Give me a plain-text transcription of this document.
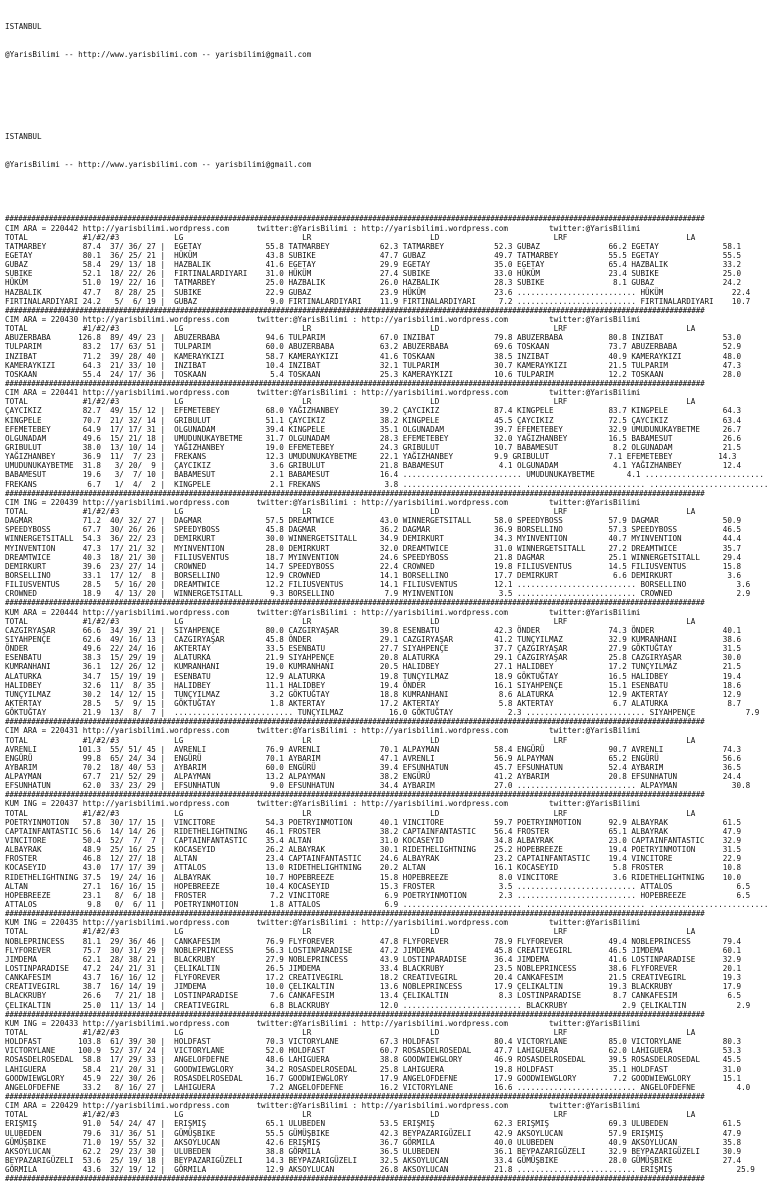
ISTANBUL

@YarisBilimi -- http://www.yarisbilimi.com -- yarisbilimi@gmail.com

ISTANBUL

@YarisBilimi -- http://www.yarisbilimi.com -- yarisbilimi@gmail.com

################################################################################################################################################################
CIM ARA = 220442 http://yarisbilimi.wordpress.com      twitter:@YarisBilimi : http://yarisbilimi.wordpress.com         twitter:@YarisBilimi
TOTAL            #1/#2/#3            LG                          LR                          LD                         LRF                          LA
TATMARBEY        87.4  37/ 36/ 27 |  EGETAY              55.8 TATMARBEY           62.3 TATMARBEY           52.3 GUBAZ               66.2 EGETAY              58.1
EGETAY           80.1  36/ 25/ 21 |  HÜKÜM               43.8 SUBIKE              47.7 GUBAZ               49.7 TATMARBEY           55.5 EGETAY              55.5
GUBAZ            58.4  29/ 13/ 18 |  HAZBALIK            41.6 EGETAY              29.9 EGETAY              35.0 EGETAY              65.4 HAZBALIK            33.2
SUBIKE           52.1  18/ 22/ 26 |  FIRTINALARDIYARI    31.0 HÜKÜM               27.4 SUBIKE              33.0 HÜKÜM               23.4 SUBIKE              25.0
HÜKÜM            51.0  19/ 22/ 16 |  TATMARBEY           25.0 HAZBALIK            26.0 HAZBALIK            28.3 SUBIKE               8.1 GUBAZ               24.2
HAZBALIK         47.7   8/ 28/ 25 |  SUBIKE              22.9 GUBAZ               23.9 HÜKÜM               23.6 .......................... HÜKÜM               22.4
FIRTINALARDIYARI 24.2   5/  6/ 19 |  GUBAZ                9.0 FIRTINALARDIYARI    11.9 FIRTINALARDIYARI     7.2 .......................... FIRTINALARDIYARI    10.7
################################################################################################################################################################
CIM ARA = 220430 http://yarisbilimi.wordpress.com      twitter:@YarisBilimi : http://yarisbilimi.wordpress.com         twitter:@YarisBilimi
TOTAL            #1/#2/#3            LG                          LR                          LD                         LRF                          LA
ABUZERBABA      126.8  89/ 49/ 23 |  ABUZERBABA          94.6 TULPARIM            67.0 INZIBAT             79.8 ABUZERBABA          80.8 INZIBAT             53.0
TULPARIM         83.2  17/ 63/ 51 |  TULPARIM            60.0 ABUZERBABA          63.2 ABUZERBABA          69.6 TOSKAAN             73.7 ABUZERBABA          52.9
INZIBAT          71.2  39/ 28/ 40 |  KAMERAYKIZI         58.7 KAMERAYKIZI         41.6 TOSKAAN             38.5 INZIBAT             40.9 KAMERAYKIZI         48.0
KAMERAYKIZI      64.3  21/ 33/ 10 |  INZIBAT             10.4 INZIBAT             32.1 TULPARIM            30.7 KAMERAYKIZI         21.5 TULPARIM            47.3
TOSKAAN          55.4  24/ 17/ 36 |  TOSKAAN              5.4 TOSKAAN             25.3 KAMERAYKIZI         10.6 TULPARIM            12.2 TOSKAAN             28.0
################################################################################################################################################################
CIM ARA = 220441 http://yarisbilimi.wordpress.com      twitter:@YarisBilimi : http://yarisbilimi.wordpress.com         twitter:@YarisBilimi
TOTAL            #1/#2/#3            LG                          LR                          LD                         LRF                          LA
ÇAYCIKIZ         82.7  49/ 15/ 12 |  EFEMETEBEY          68.0 YAĞIZHANBEY         39.2 ÇAYCIKIZ            87.4 KINGPELE            83.7 KINGPELE            64.3
KINGPELE         70.7  21/ 32/ 14 |  GRIBULUT            51.1 ÇAYCIKIZ            38.2 KINGPELE            45.5 ÇAYCIKIZ            72.5 ÇAYCIKIZ            63.4
EFEMETEBEY       64.9  17/ 17/ 31 |  OLGUNADAM           39.4 KINGPELE            35.1 OLGUNADAM           39.7 EFEMETEBEY          32.9 UMUDUNUKAYBETME     26.7
OLGUNADAM        49.6  15/ 21/ 18 |  UMUDUNUKAYBETME     31.7 OLGUNADAM           28.3 EFEMETEBEY          32.0 YAĞIZHANBEY         16.5 BABAMESUT           26.6
GRIBULUT         38.0  13/ 10/ 14 |  YAĞIZHANBEY         19.0 EFEMETEBEY          24.3 GRIBULUT            10.7 BABAMESUT            8.2 OLGUNADAM           21.5
YAĞIZHANBEY      36.9  11/  7/ 23 |  FREKANS             12.3 UMUDUNUKAYBETME     22.1 YAĞIZHANBEY         9.9 GRIBULUT             7.1 EFEMETEBEY          14.3
UMUDUNUKAYBETME  31.8   3/ 20/  9 |  ÇAYCIKIZ             3.6 GRIBULUT            21.8 BABAMESUT            4.1 OLGUNADAM            4.1 YAĞIZHANBEY         12.4
BABAMESUT        19.6   3/  7/ 10 |  BABAMESUT            2.1 BABAMESUT           16.4 .......................... UMUDUNUKAYBETME       4.1 ..........................
FREKANS           6.7   1/  4/  2 |  KINGPELE             2.1 FREKANS              3.8 .......................... .......................... ..........................
################################################################################################################################################################
CIM ING = 220439 http://yarisbilimi.wordpress.com      twitter:@YarisBilimi : http://yarisbilimi.wordpress.com         twitter:@YarisBilimi
TOTAL            #1/#2/#3            LG                          LR                          LD                         LRF                          LA
DAGMAR           71.2  40/ 32/ 27 |  DAGMAR              57.5 DREAMTWICE          43.0 WINNERGETSITALL     58.0 SPEEDYBOSS          57.9 DAGMAR              50.9
SPEEDYBOSS       67.7  30/ 26/ 26 |  SPEEDYBOSS          45.8 DAGMAR              36.2 DAGMAR              36.9 BORSELLINO          57.3 SPEEDYBOSS          46.5
WINNERGETSITALL  54.3  36/ 22/ 23 |  DEMIRKURT           30.0 WINNERGETSITALL     34.9 DEMIRKURT           34.3 MYINVENTION         40.7 MYINVENTION         44.4
MYINVENTION      47.3  17/ 21/ 32 |  MYINVENTION         28.0 DEMIRKURT           32.0 DREAMTWICE          31.0 WINNERGETSITALL     27.2 DREAMTWICE          35.7
DREAMTWICE       40.3  18/ 21/ 30 |  FILIUSVENTUS        18.7 MYINVENTION         24.6 SPEEDYBOSS          21.8 DAGMAR              25.1 WINNERGETSITALL     29.4
DEMIRKURT        39.6  23/ 27/ 14 |  CROWNED             14.7 SPEEDYBOSS          22.4 CROWNED             19.8 FILIUSVENTUS        14.5 FILIUSVENTUS        15.8
BORSELLINO       33.1  17/ 12/  8 |  BORSELLINO          12.9 CROWNED             14.1 BORSELLINO          17.7 DEMIRKURT            6.6 DEMIRKURT            3.6
FILIUSVENTUS     28.5   5/ 16/ 20 |  DREAMTWICE          12.2 FILIUSVENTUS        14.1 FILIUSVENTUS        12.1 .......................... BORSELLINO           3.6
CROWNED          18.9   4/ 13/ 20 |  WINNERGETSITALL      9.3 BORSELLINO           7.9 MYINVENTION          3.5 .......................... CROWNED              2.9
################################################################################################################################################################
KUM ARA = 220444 http://yarisbilimi.wordpress.com      twitter:@YarisBilimi : http://yarisbilimi.wordpress.com         twitter:@YarisBilimi
TOTAL            #1/#2/#3            LG                          LR                          LD                         LRF                          LA
CAZGIRYAŞAR      66.6  34/ 39/ 21 |  SIYAHPENÇE          80.0 CAZGIRYAŞAR         39.8 ESENBATU            42.3 ÖNDER               74.3 ÖNDER               40.1
SIYAHPENÇE       62.6  49/ 16/ 13 |  CAZGIRYAŞAR         45.8 ÖNDER               29.1 CAZGIRYAŞAR         41.2 TUNÇYILMAZ          32.9 KUMRANHANI          38.6
ÖNDER            49.6  22/ 24/ 16 |  AKTERTAY            33.5 ESENBATU            27.7 SIYAHPENÇE          37.7 ÇAZGIRYAŞAR         27.9 GÖKTUĞTAY           31.5
ESENBATU         38.3  15/ 29/ 19 |  ALATURKA            21.9 SIYAHPENÇE          20.8 ALATURKA            29.1 CAZGIRYAŞAR         25.8 CAZGIRYAŞAR         30.0
KUMRANHANI       36.1  12/ 26/ 12 |  KUMRANHANI          19.0 KUMRANHANI          20.5 HALIDBEY            27.1 HALIDBEY            17.2 TUNÇYILMAZ          21.5
ALATURKA         34.7  15/ 19/ 19 |  ESENBATU            12.9 ALATURKA            19.8 TUNÇYILMAZ          18.9 GÖKTUĞTAY           16.5 HALIDBEY            19.4
HALIDBEY         32.6  11/  8/ 35 |  HALIDBEY            11.1 HALIDBEY            19.4 ÖNDER               16.1 SIYAHPENÇE          15.1 ESENBATU            18.6
TUNÇYILMAZ       30.2  14/ 12/ 15 |  TUNÇYILMAZ           3.2 GÖKTUĞTAY           18.8 KUMRANHANI           8.6 ALATURKA            12.9 AKTERTAY            12.9
AKTERTAY         28.5   5/  9/ 15 |  GÖKTUĞTAY            1.8 AKTERTAY            17.2 AKTERTAY             5.8 AKTERTAY             6.7 ALATURKA             8.7
GÖKTUĞTAY        21.9  13/  8/  7 |  .......................... TUNÇYILMAZ          16.0 GÖKTUĞTAY            2.3 .......................... SIYAHPENÇE           7.9
################################################################################################################################################################
CIM ARA = 220431 http://yarisbilimi.wordpress.com      twitter:@YarisBilimi : http://yarisbilimi.wordpress.com         twitter:@YarisBilimi
TOTAL            #1/#2/#3            LG                          LR                          LD                         LRF                          LA
AVRENLI         101.3  55/ 51/ 45 |  AVRENLI             76.9 AVRENLI             70.1 ALPAYMAN            58.4 ENGÜRÜ              90.7 AVRENLI             74.3
ENGÜRÜ           99.8  65/ 24/ 34 |  ENGÜRÜ              70.1 AYBARIM             47.1 AVRENLI             56.9 ALPAYMAN            65.2 ENGÜRÜ              56.6
AYBARIM          70.2  18/ 40/ 53 |  AYBARIM             60.0 ENGÜRÜ              39.4 EFSUNHATUN          45.7 EFSUNHATUN          52.4 AYBARIM             36.5
ALPAYMAN         67.7  21/ 52/ 29 |  ALPAYMAN            13.2 ALPAYMAN            38.2 ENGÜRÜ              41.2 AYBARIM             20.8 EFSUNHATUN          24.4
EFSUNHATUN       62.0  33/ 23/ 29 |  EFSUNHATUN           9.0 EFSUNHATUN          34.4 AYBARIM             27.0 .......................... ALPAYMAN            30.8
################################################################################################################################################################
KUM ING = 220437 http://yarisbilimi.wordpress.com      twitter:@YarisBilimi : http://yarisbilimi.wordpress.com         twitter:@YarisBilimi
TOTAL            #1/#2/#3            LG                          LR                          LD                         LRF                          LA
POETRYINMOTION   57.8  30/ 17/ 15 |  VINCITORE           54.3 POETRYINMOTION      40.1 VINCITORE           59.7 POETRYINMOTION      92.9 ALBAYRAK            61.5
CAPTAINFANTASTIC 56.6  14/ 14/ 26 |  RIDETHELIGHTNING    46.1 FROSTER             38.2 CAPTAINFANTASTIC    56.4 FROSTER             65.1 ALBAYRAK            47.9
VINCITORE        50.4  52/  7/  7 |  CAPTAINFANTASTIC    35.4 ALTAN               31.0 KOCASEYID           34.8 ALBAYRAK            23.0 CAPTAINFANTASTIC    32.9
ALBAYRAK         48.9  25/ 16/ 25 |  KOCASEYID           26.2 ALBAYRAK            30.1 RIDETHELIGHTNING    25.2 HOPEBREEZE          19.4 POETRYINMOTION      31.5
FROSTER          46.8  12/ 27/ 18 |  ALTAN               23.4 CAPTAINFANTASTIC    24.6 ALBAYRAK            23.2 CAPTAINFANTASTIC    19.4 VINCITORE           22.9
KOCASEYID        43.0  17/ 17/ 39 |  ATTALOS             13.0 RIDETHELIGHTNING    20.2 ALTAN               16.1 KOCASEYID            5.8 FROSTER             10.8
RIDETHELIGHTNING 37.5  19/ 24/ 16 |  ALBAYRAK            10.7 HOPEBREEZE          15.8 HOPEBREEZE           8.0 VINCITORE            3.6 RIDETHELIGHTNING    10.0
ALTAN            27.1  16/ 16/ 15 |  HOPEBREEZE          10.4 KOCASEYID           15.3 FROSTER              3.5 .......................... ATTALOS              6.5
HOPEBREEZE       23.1   8/  6/ 18 |  FROSTER              7.2 VINCITORE            6.9 POETRYINMOTION       2.3 .......................... HOPEBREEZE           6.5
ATTALOS           9.8   0/  6/ 11 |  POETRYINMOTION       1.8 ATTALOS              6.9 .......................... .......................... ..........................
################################################################################################################################################################
KUM ING = 220435 http://yarisbilimi.wordpress.com      twitter:@YarisBilimi : http://yarisbilimi.wordpress.com         twitter:@YarisBilimi
TOTAL            #1/#2/#3            LG                          LR                          LD                         LRF                          LA
NOBLEPRINCESS    81.1  29/ 36/ 46 |  CANKAFESIM          76.9 FLYFOREVER          47.8 FLYFOREVER          78.9 FLYFOREVER          49.4 NOBLEPRINCESS       79.4
FLYFOREVER       75.7  30/ 31/ 29 |  NOBLEPRINCESS       56.3 LOSTINPARADISE      47.2 JIMDEMA             45.8 CREATIVEGIRL        46.5 JIMDEMA             60.1
JIMDEMA          62.1  28/ 38/ 21 |  BLACKRUBY           27.9 NOBLEPRINCESS       43.9 LOSTINPARADISE      36.4 JIMDEMA             41.6 LOSTINPARADISE      32.9
LOSTINPARADISE   47.2  24/ 21/ 31 |  ÇELIKALTIN          26.5 JIMDEMA             33.4 BLACKRUBY           23.5 NOBLEPRINCESS       38.6 FLYFOREVER          20.1
CANKAFESIM       43.7  16/ 16/ 12 |  FLYFOREVER          17.2 CREATIVEGIRL        18.2 CREATIVEGIRL        20.4 CANKAFESIM          21.5 CREATIVEGIRL        19.3
CREATIVEGIRL     38.7  16/ 14/ 19 |  JIMDEMA             10.0 ÇELIKALTIN          13.6 NOBLEPRINCESS       17.9 ÇELIKALTIN          19.3 BLACKRUBY           17.9
BLACKRUBY        26.6   7/ 21/ 18 |  LOSTINPARADISE       7.6 CANKAFESIM          13.4 ÇELIKALTIN           8.3 LOSTINPARADISE       8.7 CANKAFESIM           6.5
ÇELIKALTIN       25.0  11/ 13/ 14 |  CREATIVEGIRL         6.8 BLACKRUBY           12.0 .......................... BLACKRUBY            2.9 ÇELIKALTIN           2.9
################################################################################################################################################################
KUM ING = 220433 http://yarisbilimi.wordpress.com      twitter:@YarisBilimi : http://yarisbilimi.wordpress.com         twitter:@YarisBilimi
TOTAL            #1/#2/#3            LG                          LR                          LD                         LRF                          LA
HOLDFAST        103.8  61/ 39/ 30 |  HOLDFAST            70.3 VICTORYLANE         67.3 HOLDFAST            80.4 VICTORYLANE         85.0 VICTORYLANE         80.3
VICTORYLANE     100.9  52/ 37/ 24 |  VICTORYLANE         52.0 HOLDFAST            60.7 ROSASDELROSEDAL     47.7 LAHIGUERA           62.0 LAHIGUERA           53.3
ROSASDELROSEDAL  58.8  17/ 29/ 33 |  ANGELOFDEFNE        48.6 LAHIGUERA           38.8 GOODWIEWGLORY       46.9 ROSASDELROSEDAL     39.5 ROSASDELROSEDAL     45.5
LAHIGUERA        58.4  21/ 20/ 31 |  GOODWIEWGLORY       34.2 ROSASDELROSEDAL     25.8 LAHIGUERA           19.8 HOLDFAST            35.1 HOLDFAST            31.0
GOODWIEWGLORY    45.9  22/ 30/ 26 |  ROSASDELROSEDAL     16.7 GOODWIEWGLORY       17.9 ANGELOFDEFNE        17.9 GOODWIEWGLORY        7.2 GOODWIEWGLORY       15.1
ANGELOFDEFNE     33.2   8/ 16/ 27 |  LAHIGUERA            7.2 ANGELOFDEFNE        16.2 VICTORYLANE         16.6 .......................... ANGELOFDEFNE         4.0
################################################################################################################################################################
CIM ARA = 220429 http://yarisbilimi.wordpress.com      twitter:@YarisBilimi : http://yarisbilimi.wordpress.com         twitter:@YarisBilimi
TOTAL            #1/#2/#3            LG                          LR                          LD                         LRF                          LA
ERIŞMIŞ          91.0  54/ 24/ 47 |  ERIŞMIŞ             65.1 ULUBEDEN            53.5 ERIŞMIŞ             62.3 ERIŞMIŞ             69.3 ULUBEDEN            61.5
ULUBEDEN         79.6  31/ 36/ 51 |  GÜMÜŞBIKE           55.5 GÜMÜŞBIKE           42.3 BEYPAZARIGÜZELI     42.9 AKSOYLUCAN          57.9 ERIŞMIŞ             47.9
GÜMÜŞBIKE        71.0  19/ 55/ 32 |  AKSOYLUCAN          42.6 ERIŞMIŞ             36.7 GÖRMILA             40.0 ULUBEDEN            40.9 AKSOYLUCAN          35.8
AKSOYLUCAN       62.2  29/ 23/ 30 |  ULUBEDEN            38.8 GÖRMILA             36.5 ULUBEDEN            36.1 BEYPAZARIGÜZELI     32.9 BEYPAZARIGÜZELI     30.9
BEYPAZARIGÜZELI  53.6  25/ 19/ 18 |  BEYPAZARIGÜZELI     14.3 BEYPAZARIGÜZELI     32.5 AKSOYLUCAN          33.4 GÜMÜŞBIKE           28.0 GÜMÜŞBIKE           27.4
GÖRMILA          43.6  32/ 19/ 12 |  GÖRMILA             12.9 AKSOYLUCAN          26.8 AKSOYLUCAN          21.8 .......................... ERIŞMIŞ              25.9
################################################################################################################################################################
